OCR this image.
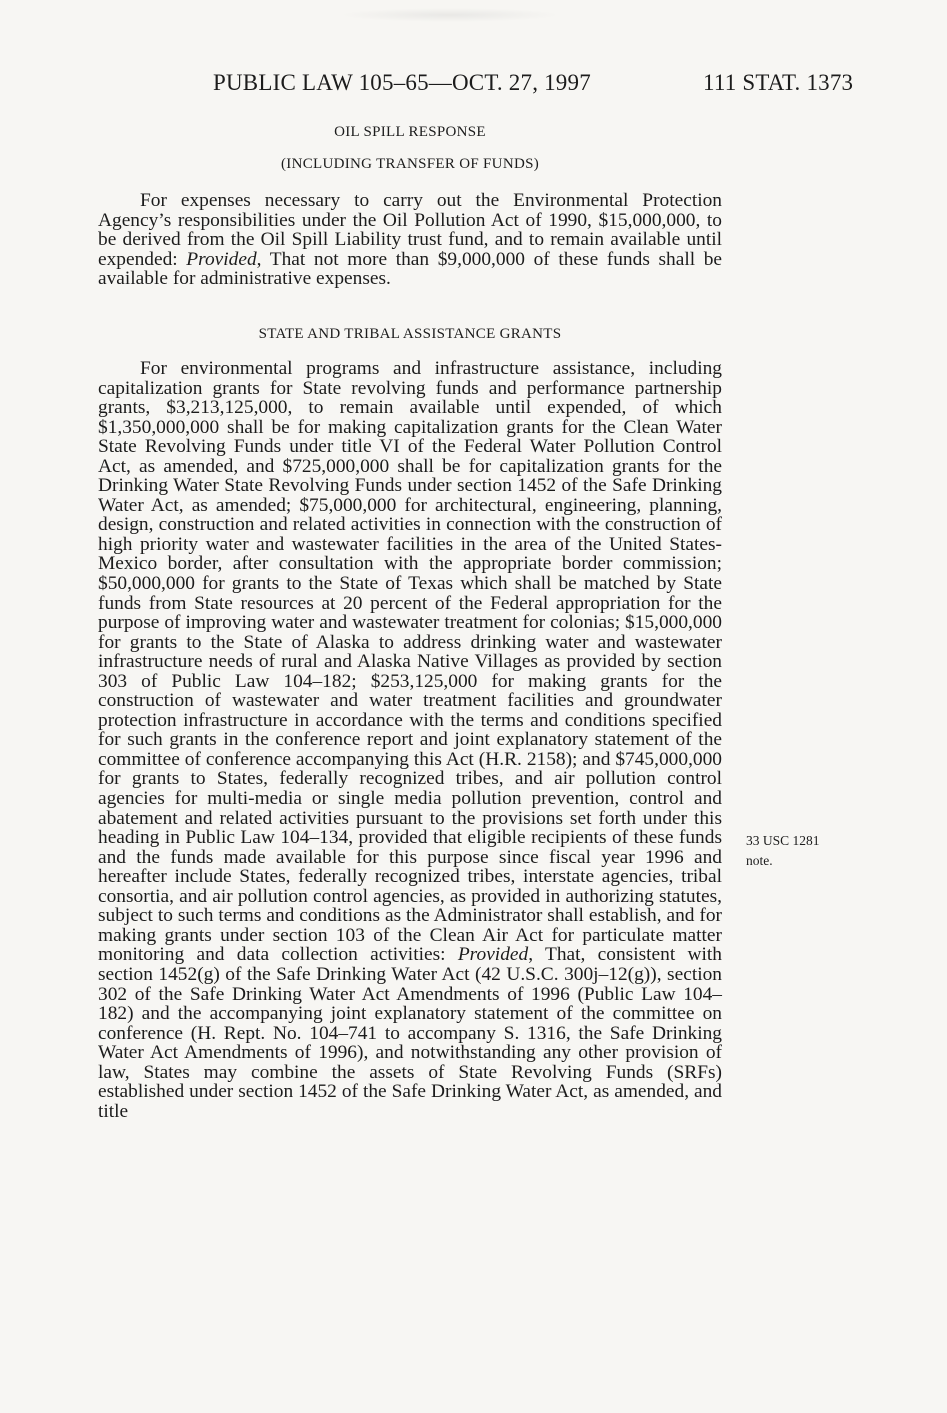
PUBLIC LAW 105–65—OCT. 27, 1997	111 STAT. 1373
OIL SPILL RESPONSE
(INCLUDING TRANSFER OF FUNDS)
For expenses necessary to carry out the Environmental Protection Agency’s responsibilities under the Oil Pollution Act of 1990, $15,000,000, to be derived from the Oil Spill Liability trust fund, and to remain available until expended: Provided, That not more than $9,000,000 of these funds shall be available for administrative expenses.
STATE AND TRIBAL ASSISTANCE GRANTS
For environmental programs and infrastructure assistance, including capitalization grants for State revolving funds and performance partnership grants, $3,213,125,000, to remain available until expended, of which $1,350,000,000 shall be for making capitalization grants for the Clean Water State Revolving Funds under title VI of the Federal Water Pollution Control Act, as amended, and $725,000,000 shall be for capitalization grants for the Drinking Water State Revolving Funds under section 1452 of the Safe Drinking Water Act, as amended; $75,000,000 for architectural, engineering, planning, design, construction and related activities in connection with the construction of high priority water and wastewater facilities in the area of the United States-Mexico border, after consultation with the appropriate border commission; $50,000,000 for grants to the State of Texas which shall be matched by State funds from State resources at 20 percent of the Federal appropriation for the purpose of improving water and wastewater treatment for colonias; $15,000,000 for grants to the State of Alaska to address drinking water and wastewater infrastructure needs of rural and Alaska Native Villages as provided by section 303 of Public Law 104–182; $253,125,000 for making grants for the construction of wastewater and water treatment facilities and groundwater protection infrastructure in accordance with the terms and conditions specified for such grants in the conference report and joint explanatory statement of the committee of conference accompanying this Act (H.R. 2158); and $745,000,000 for grants to States, federally recognized tribes, and air pollution control agencies for multi-media or single media pollution prevention, control and abatement and related activities pursuant to the provisions set forth under this heading in Public Law 104–134, provided that eligible recipients of these funds and the funds made available for this purpose since fiscal year 1996 and hereafter include States, federally recognized tribes, interstate agencies, tribal consortia, and air pollution control agencies, as provided in authorizing statutes, subject to such terms and conditions as the Administrator shall establish, and for making grants under section 103 of the Clean Air Act for particulate matter monitoring and data collection activities: Provided, That, consistent with section 1452(g) of the Safe Drinking Water Act (42 U.S.C. 300j–12(g)), section 302 of the Safe Drinking Water Act Amendments of 1996 (Public Law 104–182) and the accompanying joint explanatory statement of the committee on conference (H. Rept. No. 104–741 to accompany S. 1316, the Safe Drinking Water Act Amendments of 1996), and notwithstanding any other provision of law, States may combine the assets of State Revolving Funds (SRFs) established under section 1452 of the Safe Drinking Water Act, as amended, and title
33 USC 1281
note.
